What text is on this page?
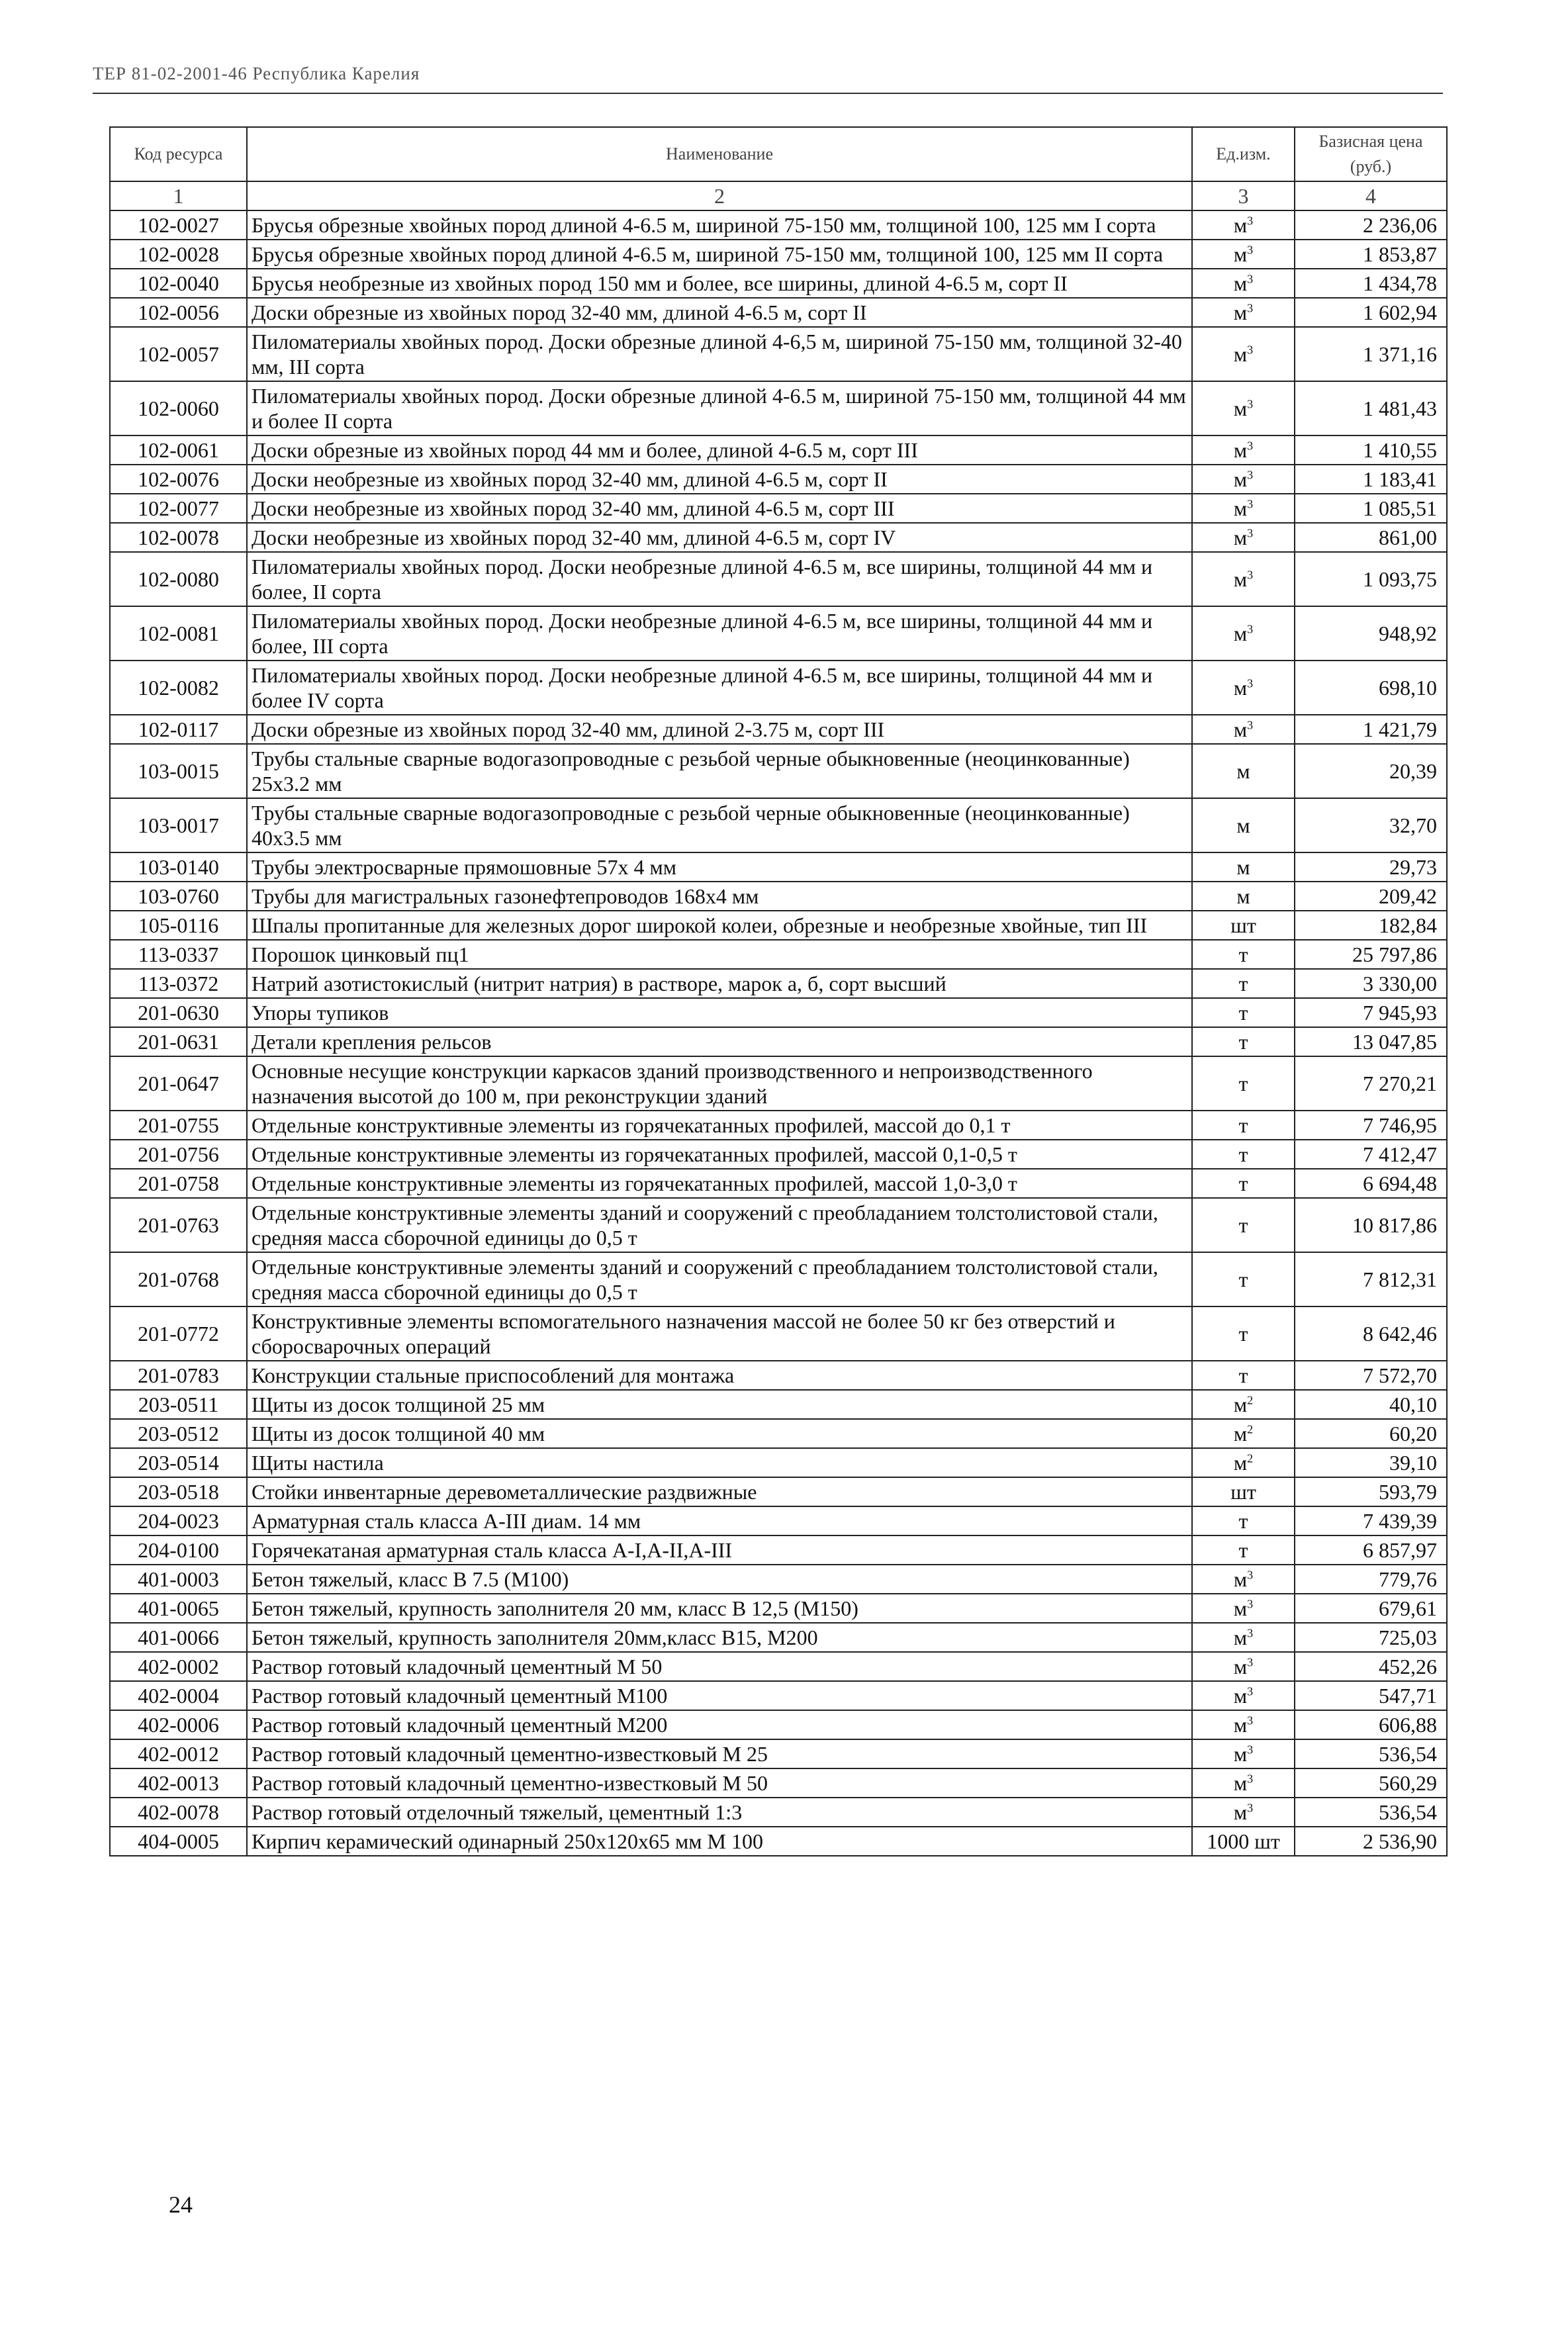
ТЕР 81-02-2001-46 Республика Карелия
Код ресурса	Наименование	Ед.изм.	Базисная цена (руб.)
1	2	3	4
102-0027	Брусья обрезные хвойных пород длиной 4-6.5 м, шириной 75-150 мм, толщиной 100, 125 мм I сорта	$м^3$	2 236,06
102-0028	Брусья обрезные хвойных пород длиной 4-6.5 м, шириной 75-150 мм, толщиной 100, 125 мм II сорта	$м^3$	1 853,87
102-0040	Брусья необрезные из хвойных пород 150 мм и более, все ширины, длиной 4-6.5 м, сорт II	$м^3$	1 434,78
102-0056	Доски обрезные из хвойных пород 32-40 мм, длиной 4-6.5 м, сорт II	$м^3$	1 602,94
102-0057	Пиломатериалы хвойных пород. Доски обрезные длиной 4-6,5 м, шириной 75-150 мм, толщиной 32-40 мм, III сорта	$м^3$	1 371,16
102-0060	Пиломатериалы хвойных пород. Доски обрезные длиной 4-6.5 м, шириной 75-150 мм, толщиной 44 мм и более II сорта	$м^3$	1 481,43
102-0061	Доски обрезные из хвойных пород 44 мм и более, длиной 4-6.5 м, сорт III	$м^3$	1 410,55
102-0076	Доски необрезные из хвойных пород 32-40 мм, длиной 4-6.5 м, сорт II	$м^3$	1 183,41
102-0077	Доски необрезные из хвойных пород 32-40 мм, длиной 4-6.5 м, сорт III	$м^3$	1 085,51
102-0078	Доски необрезные из хвойных пород 32-40 мм, длиной 4-6.5 м, сорт IV	$м^3$	861,00
102-0080	Пиломатериалы хвойных пород. Доски необрезные длиной 4-6.5 м, все ширины, толщиной 44 мм и более, II сорта	$м^3$	1 093,75
102-0081	Пиломатериалы хвойных пород. Доски необрезные длиной 4-6.5 м, все ширины, толщиной 44 мм и более, III сорта	$м^3$	948,92
102-0082	Пиломатериалы хвойных пород. Доски необрезные длиной 4-6.5 м, все ширины, толщиной 44 мм и более IV сорта	$м^3$	698,10
102-0117	Доски обрезные из хвойных пород 32-40 мм, длиной 2-3.75 м, сорт III	$м^3$	1 421,79
103-0015	Трубы стальные сварные водогазопроводные с резьбой черные обыкновенные (неоцинкованные) 25х3.2 мм	м	20,39
103-0017	Трубы стальные сварные водогазопроводные с резьбой черные обыкновенные (неоцинкованные) 40х3.5 мм	м	32,70
103-0140	Трубы электросварные прямошовные 57х 4 мм	м	29,73
103-0760	Трубы для магистральных газонефтепроводов 168х4 мм	м	209,42
105-0116	Шпалы пропитанные для железных дорог широкой колеи, обрезные и необрезные хвойные, тип III	шт	182,84
113-0337	Порошок цинковый пц1	т	25 797,86
113-0372	Натрий азотистокислый (нитрит натрия) в растворе, марок а, б, сорт высший	т	3 330,00
201-0630	Упоры тупиков	т	7 945,93
201-0631	Детали крепления рельсов	т	13 047,85
201-0647	Основные несущие конструкции каркасов зданий производственного и непроизводственного назначения высотой до 100 м, при реконструкции зданий	т	7 270,21
201-0755	Отдельные конструктивные элементы из горячекатанных профилей, массой до 0,1 т	т	7 746,95
201-0756	Отдельные конструктивные элементы из горячекатанных профилей, массой 0,1-0,5 т	т	7 412,47
201-0758	Отдельные конструктивные элементы из горячекатанных профилей, массой 1,0-3,0 т	т	6 694,48
201-0763	Отдельные конструктивные элементы зданий и сооружений с преобладанием толстолистовой стали, средняя масса сборочной единицы до 0,5 т	т	10 817,86
201-0768	Отдельные конструктивные элементы зданий и сооружений с преобладанием толстолистовой стали, средняя масса сборочной единицы до 0,5 т	т	7 812,31
201-0772	Конструктивные элементы вспомогательного назначения массой не более 50 кг без отверстий и сборосварочных операций	т	8 642,46
201-0783	Конструкции стальные приспособлений для монтажа	т	7 572,70
203-0511	Щиты из досок толщиной 25 мм	$м^2$	40,10
203-0512	Щиты из досок толщиной 40 мм	$м^2$	60,20
203-0514	Щиты настила	$м^2$	39,10
203-0518	Стойки инвентарные деревометаллические раздвижные	шт	593,79
204-0023	Арматурная сталь класса А-III диам. 14 мм	т	7 439,39
204-0100	Горячекатаная арматурная сталь класса А-I,А-II,А-III	т	6 857,97
401-0003	Бетон тяжелый, класс В 7.5 (М100)	$м^3$	779,76
401-0065	Бетон тяжелый, крупность заполнителя 20 мм, класс В 12,5 (М150)	$м^3$	679,61
401-0066	Бетон тяжелый, крупность заполнителя 20мм,класс В15, М200	$м^3$	725,03
402-0002	Раствор готовый кладочный цементный М 50	$м^3$	452,26
402-0004	Раствор готовый кладочный цементный М100	$м^3$	547,71
402-0006	Раствор готовый кладочный цементный М200	$м^3$	606,88
402-0012	Раствор готовый кладочный цементно-известковый М 25	$м^3$	536,54
402-0013	Раствор готовый кладочный цементно-известковый М 50	$м^3$	560,29
402-0078	Раствор готовый отделочный тяжелый, цементный 1:3	$м^3$	536,54
404-0005	Кирпич керамический одинарный 250х120х65 мм М 100	1000 шт	2 536,90
24
